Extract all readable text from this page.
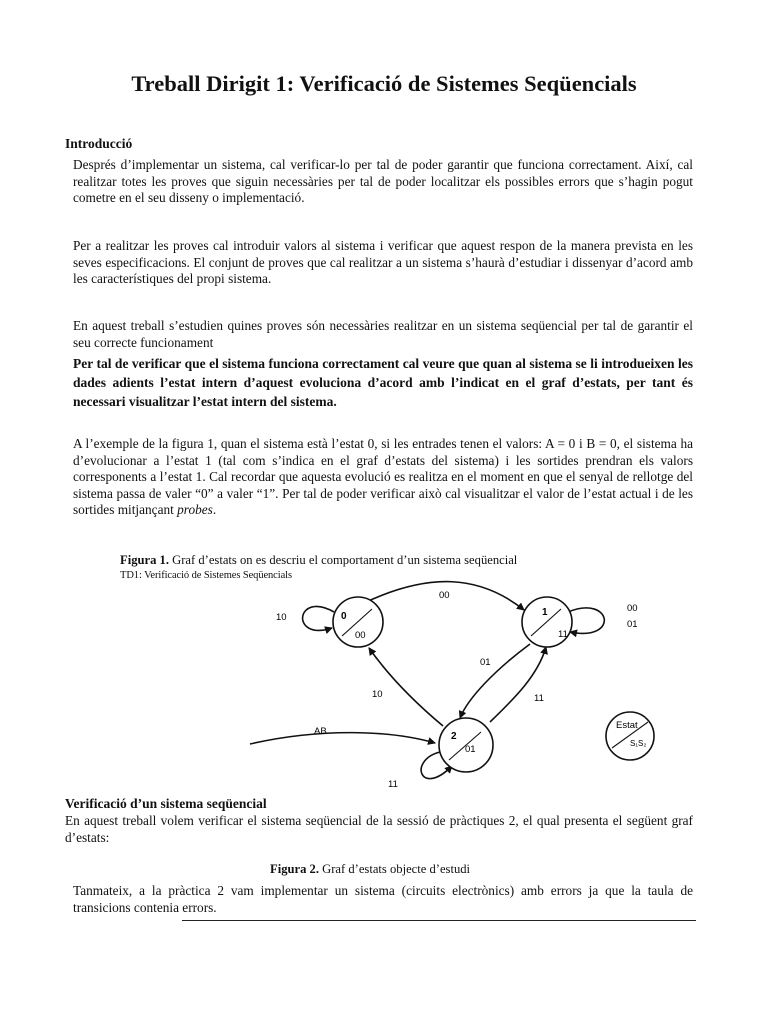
Treball Dirigit 1: Verificació de Sistemes Seqüencials
Introducció
Després d’implementar un sistema, cal verificar-lo per tal de poder garantir que funciona correctament. Així, cal realitzar totes les proves que siguin necessàries per tal de poder localitzar els possibles errors que s’hagin pogut cometre en el seu disseny o implementació.
Per a realitzar les proves cal introduir valors al sistema i verificar que aquest respon de la manera prevista en les seves especificacions. El conjunt de proves que cal realitzar a un sistema s’haurà d’estudiar i dissenyar d’acord amb les característiques del propi sistema.
En aquest treball s’estudien quines proves són necessàries realitzar en un sistema seqüencial per tal de garantir el seu correcte funcionament
Per tal de verificar que el sistema funciona correctament cal veure que quan al sistema se li introdueixen les dades adients l’estat intern d’aquest evoluciona d’acord amb l’indicat en el graf d’estats, per tant és necessari visualitzar l’estat intern del sistema.
A l’exemple de la figura 1, quan el sistema està l’estat 0, si les entrades tenen el valors: A = 0 i B = 0, el sistema ha d’evolucionar a l’estat 1 (tal com s’indica en el graf d’estats del sistema) i les sortides prendran els valors corresponents a l’estat 1. Cal recordar que aquesta evolució es realitza en el moment en que el senyal de rellotge del sistema passa de valer “0” a valer “1”. Per tal de poder verificar això cal visualitzar el valor de l’estat actual i de les sortides mitjançant probes.
Figura 1. Graf d’estats on es descriu el comportament d’un sistema seqüencial
TD1: Verificació de Sistemes Seqüencials
10
00
0
00
00
01
01
11
10
AB
11
1
11
2
01
Estat
S₁S₂
Verificació d’un sistema seqüencial
En aquest treball volem verificar el sistema seqüencial de la sessió de pràctiques 2, el qual presenta el següent graf d’estats:
Figura 2. Graf d’estats objecte d’estudi
Tanmateix, a la pràctica 2 vam implementar un sistema (circuits electrònics) amb errors ja que la taula de transicions contenia errors.
